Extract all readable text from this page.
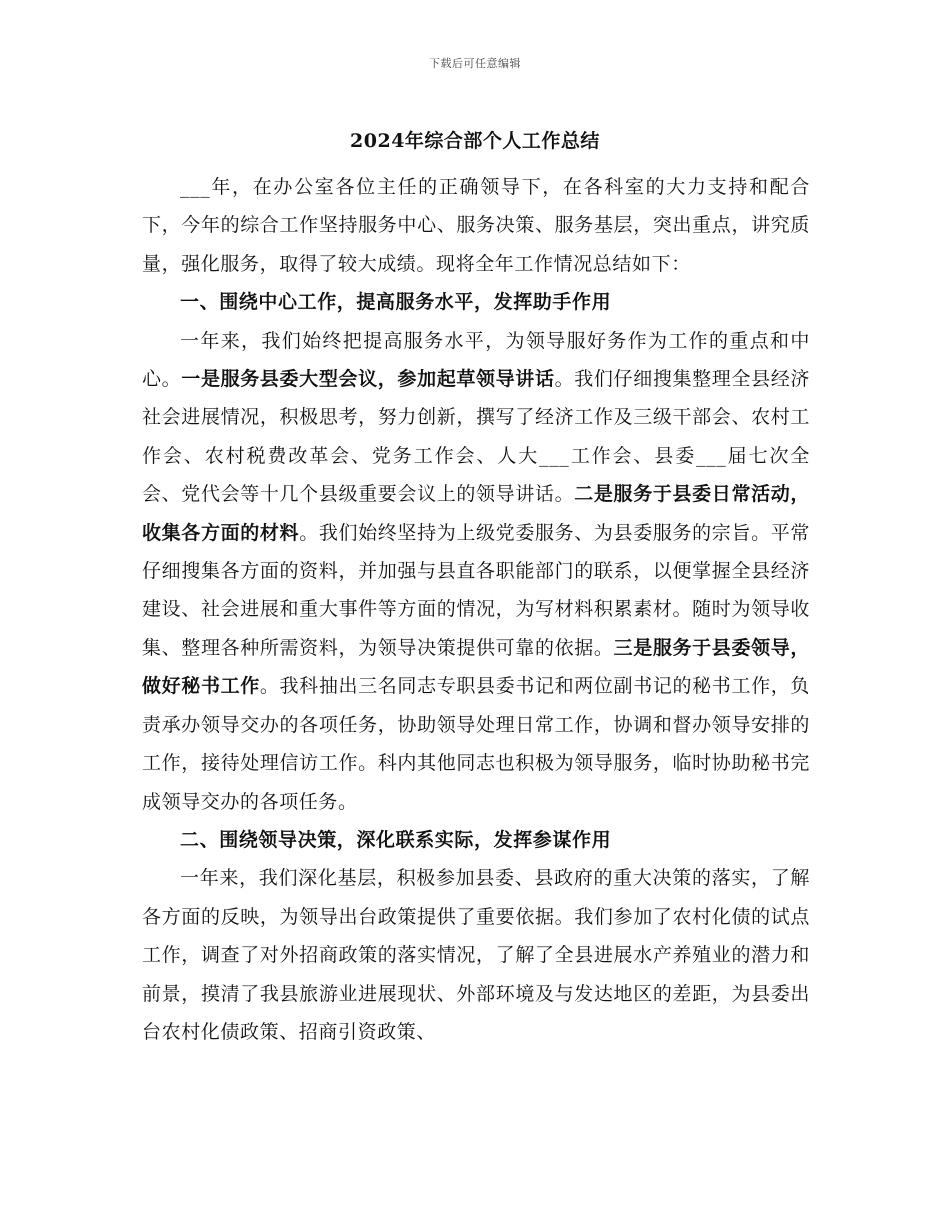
下载后可任意编辑
2024年综合部个人工作总结

___年，在办公室各位主任的正确领导下，在各科室的大力支持和配合下，今年的综合工作坚持服务中心、服务决策、服务基层，突出重点，讲究质量，强化服务，取得了较大成绩。现将全年工作情况总结如下：

一、围绕中心工作，提高服务水平，发挥助手作用

一年来，我们始终把提高服务水平，为领导服好务作为工作的重点和中心。一是服务县委大型会议，参加起草领导讲话。我们仔细搜集整理全县经济社会进展情况，积极思考，努力创新，撰写了经济工作及三级干部会、农村工作会、农村税费改革会、党务工作会、人大___工作会、县委___届七次全会、党代会等十几个县级重要会议上的领导讲话。二是服务于县委日常活动，收集各方面的材料。我们始终坚持为上级党委服务、为县委服务的宗旨。平常仔细搜集各方面的资料，并加强与县直各职能部门的联系，以便掌握全县经济建设、社会进展和重大事件等方面的情况，为写材料积累素材。随时为领导收集、整理各种所需资料，为领导决策提供可靠的依据。三是服务于县委领导，做好秘书工作。我科抽出三名同志专职县委书记和两位副书记的秘书工作，负责承办领导交办的各项任务，协助领导处理日常工作，协调和督办领导安排的工作，接待处理信访工作。科内其他同志也积极为领导服务，临时协助秘书完成领导交办的各项任务。

二、围绕领导决策，深化联系实际，发挥参谋作用

一年来，我们深化基层，积极参加县委、县政府的重大决策的落实，了解各方面的反映，为领导出台政策提供了重要依据。我们参加了农村化债的试点工作，调查了对外招商政策的落实情况，了解了全县进展水产养殖业的潜力和前景，摸清了我县旅游业进展现状、外部环境及与发达地区的差距，为县委出台农村化债政策、招商引资政策、
